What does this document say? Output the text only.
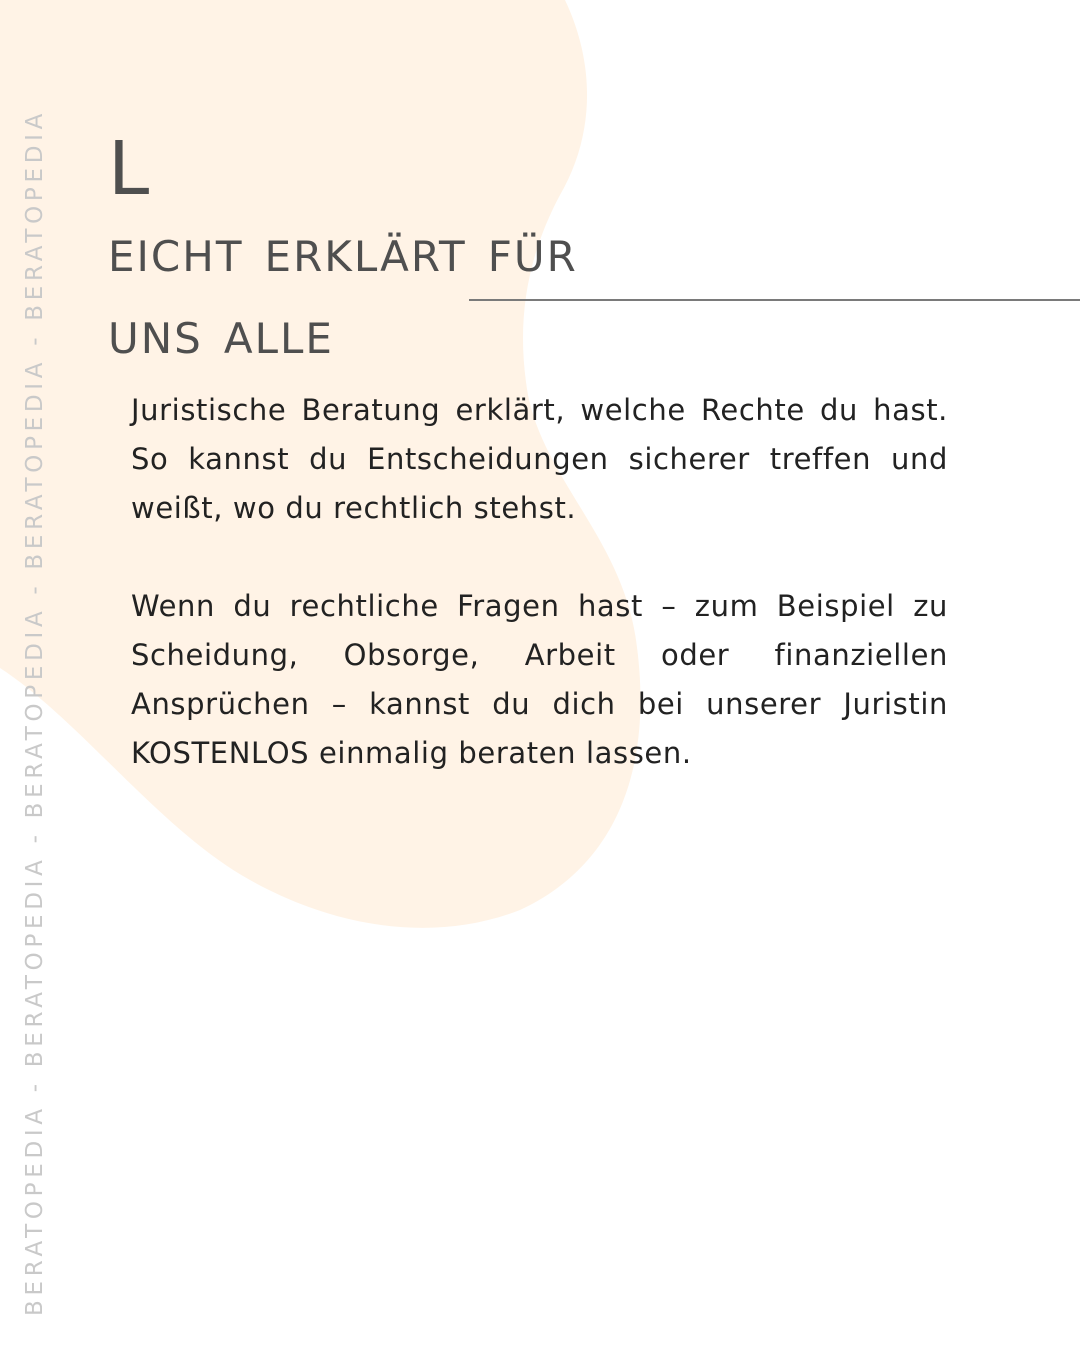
BERATOPEDIA - BERATOPEDIA - BERATOPEDIA - BERATOPEDIA - BERATOPEDIA L
eicht erklärt für
uns alle

Juristische Beratung erklärt, welche Rechte du hast. So kannst du Entscheidungen sicherer treffen und weißt, wo du rechtlich stehst.

Wenn du rechtliche Fragen hast – zum Beispiel zu Scheidung, Obsorge, Arbeit oder finanziellen Ansprüchen – kannst du dich bei unserer Juristin KOSTENLOS einmalig beraten lassen.
